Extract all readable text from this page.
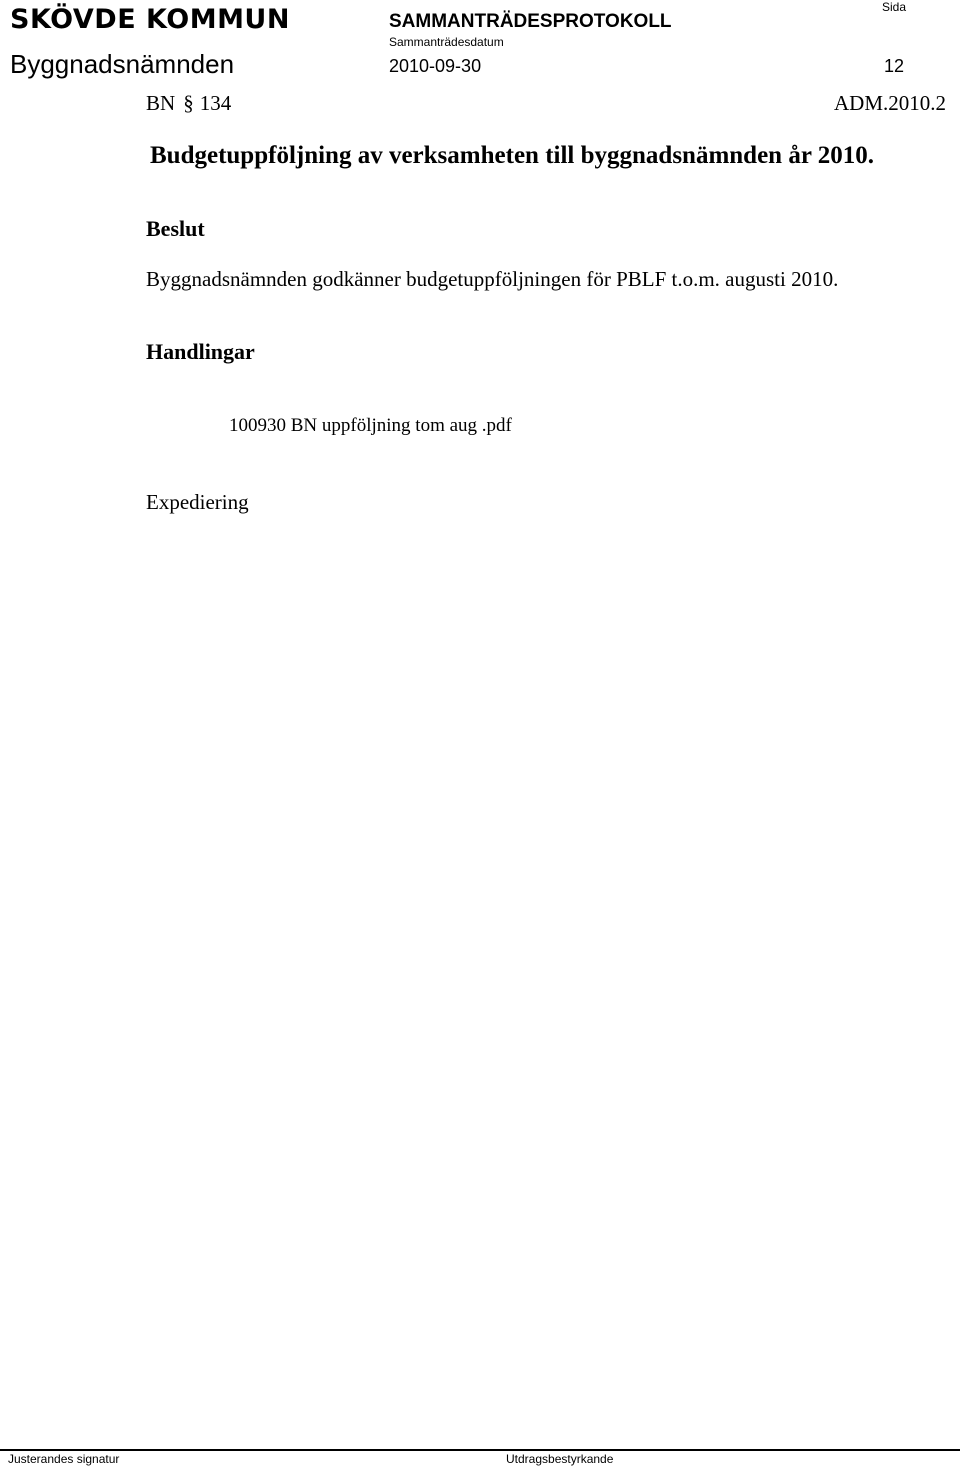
SKÖVDE KOMMUN
Byggnadsnämnden
SAMMANTRÄDESPROTOKOLL
Sammanträdesdatum
2010-09-30
Sida
12
BN § 134	ADM.2010.2
Budgetuppföljning av verksamheten till byggnadsnämnden år 2010.
Beslut
Byggnadsnämnden godkänner budgetuppföljningen för PBLF t.o.m. augusti 2010.
Handlingar
100930 BN uppföljning tom aug .pdf
Expediering
Justerandes signatur	Utdragsbestyrkande
